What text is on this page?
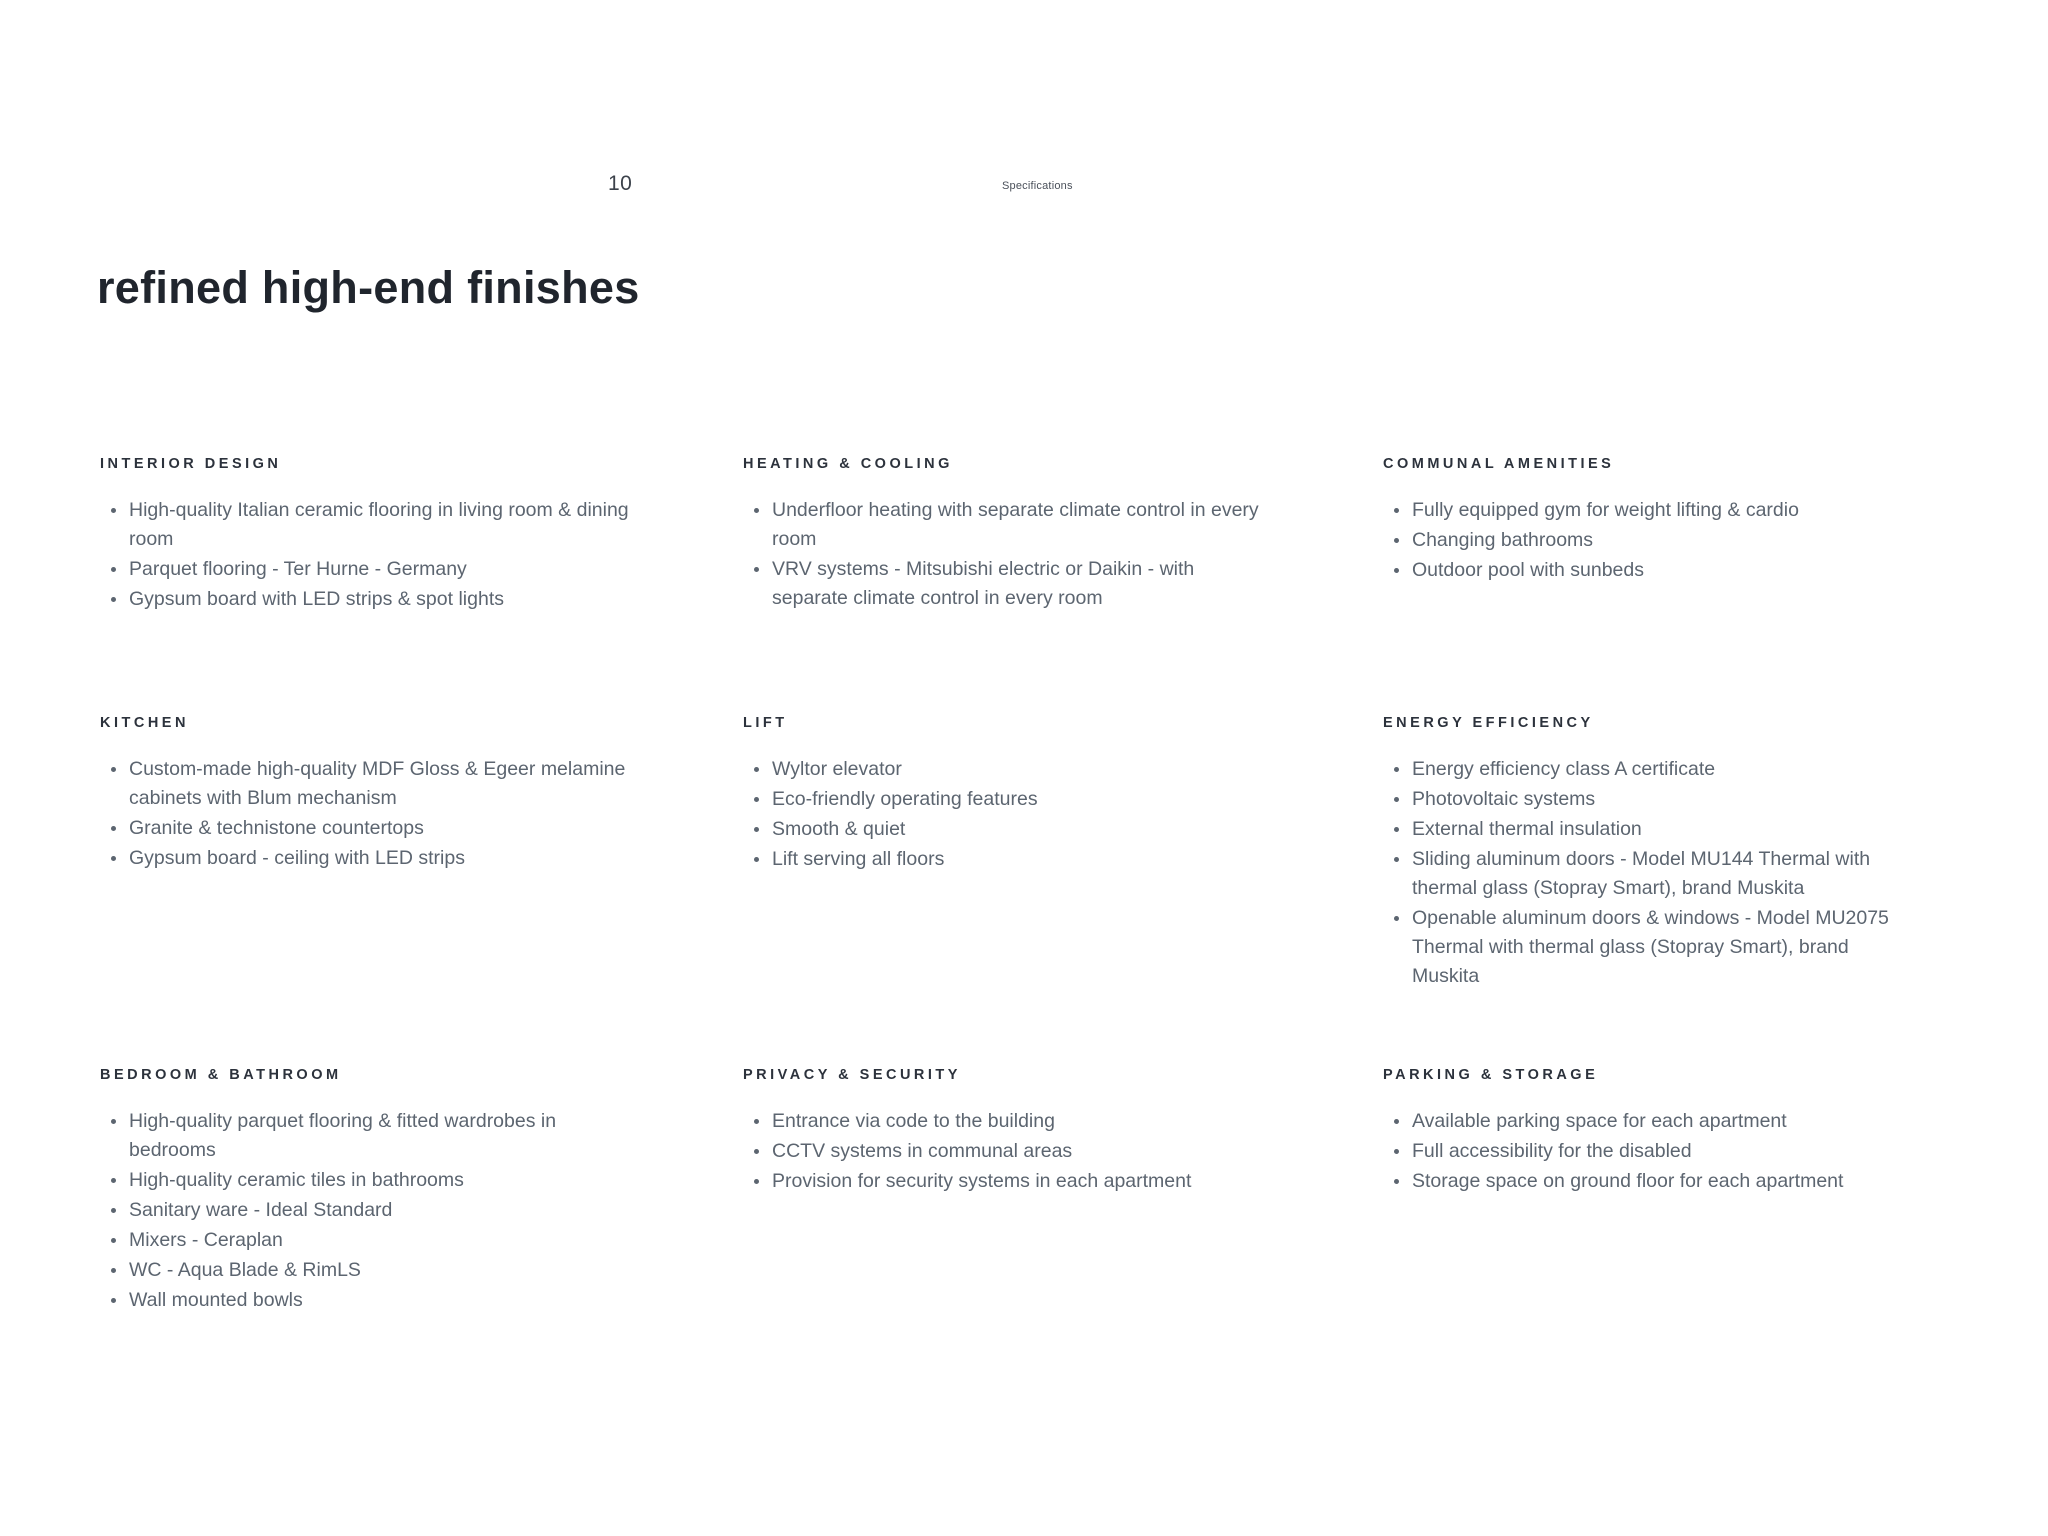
10	Specifications
refined high-end finishes
INTERIOR DESIGN
High-quality Italian ceramic flooring in living room & dining room
Parquet flooring - Ter Hurne - Germany
Gypsum board with LED strips & spot lights
HEATING & COOLING
Underfloor heating with separate climate control in every room
VRV systems - Mitsubishi electric or Daikin - with separate climate control in every room
COMMUNAL AMENITIES
Fully equipped gym for weight lifting & cardio
Changing bathrooms
Outdoor pool with sunbeds
KITCHEN
Custom-made high-quality MDF Gloss & Egeer melamine cabinets with Blum mechanism
Granite & technistone countertops
Gypsum board - ceiling with LED strips
LIFT
Wyltor elevator
Eco-friendly operating features
Smooth & quiet
Lift serving all floors
ENERGY EFFICIENCY
Energy efficiency class A certificate
Photovoltaic systems
External thermal insulation
Sliding aluminum doors - Model MU144 Thermal with thermal glass (Stopray Smart), brand Muskita
Openable aluminum doors & windows - Model MU2075 Thermal with thermal glass (Stopray Smart), brand Muskita
BEDROOM & BATHROOM
High-quality parquet flooring & fitted wardrobes in bedrooms
High-quality ceramic tiles in bathrooms
Sanitary ware - Ideal Standard
Mixers - Ceraplan
WC - Aqua Blade & RimLS
Wall mounted bowls
PRIVACY & SECURITY
Entrance via code to the building
CCTV systems in communal areas
Provision for security systems in each apartment
PARKING & STORAGE
Available parking space for each apartment
Full accessibility for the disabled
Storage space on ground floor for each apartment
